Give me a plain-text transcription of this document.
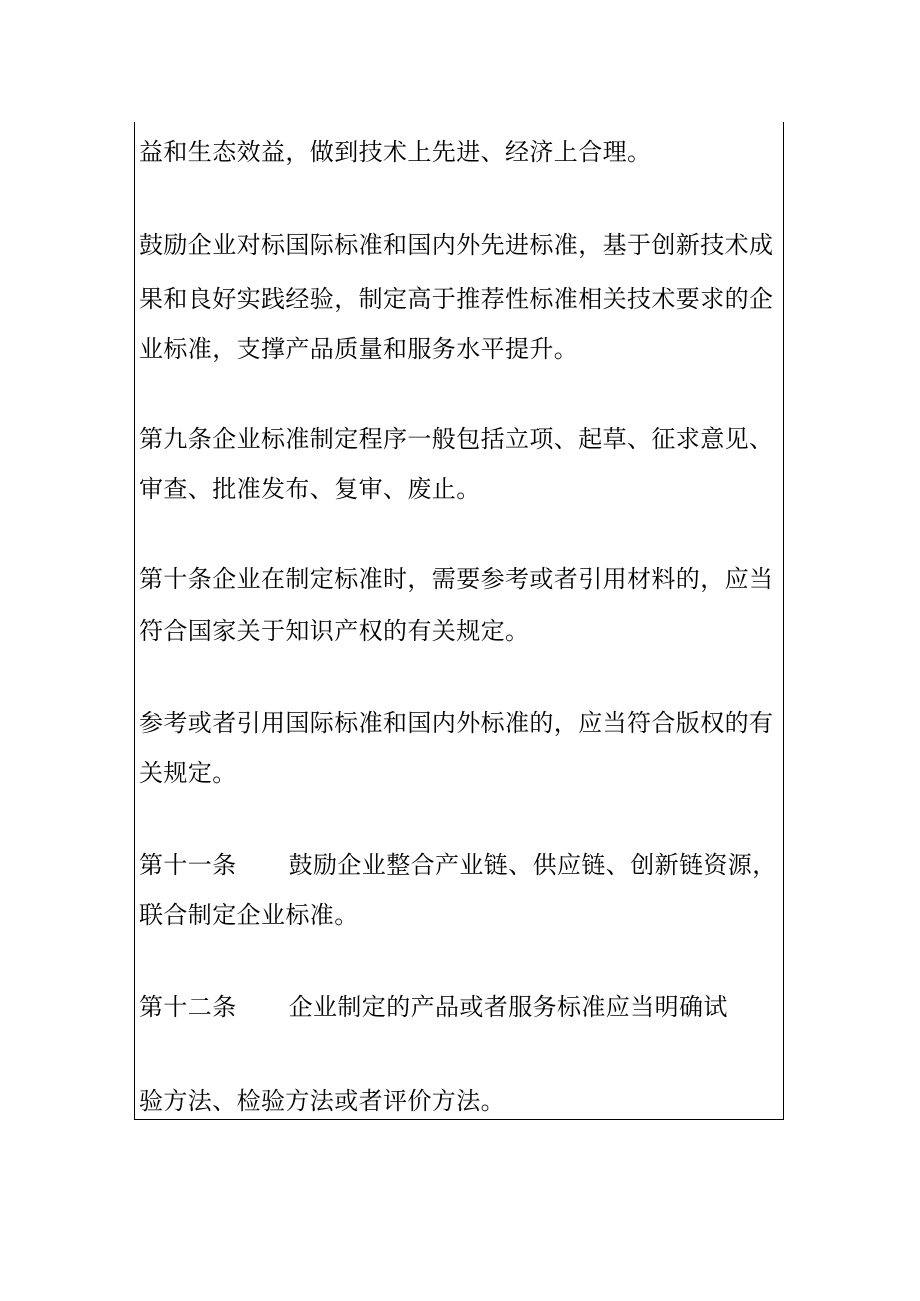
益和生态效益，做到技术上先进、经济上合理。
鼓励企业对标国际标准和国内外先进标准，基于创新技术成
果和良好实践经验，制定高于推荐性标准相关技术要求的企
业标准，支撑产品质量和服务水平提升。
第九条企业标准制定程序一般包括立项、起草、征求意见、
审查、批准发布、复审、废止。
第十条企业在制定标准时，需要参考或者引用材料的，应当
符合国家关于知识产权的有关规定。
参考或者引用国际标准和国内外标准的，应当符合版权的有
关规定。
第十一条 鼓励企业整合产业链、供应链、创新链资源，
联合制定企业标准。
第十二条 企业制定的产品或者服务标准应当明确试
验方法、检验方法或者评价方法。
